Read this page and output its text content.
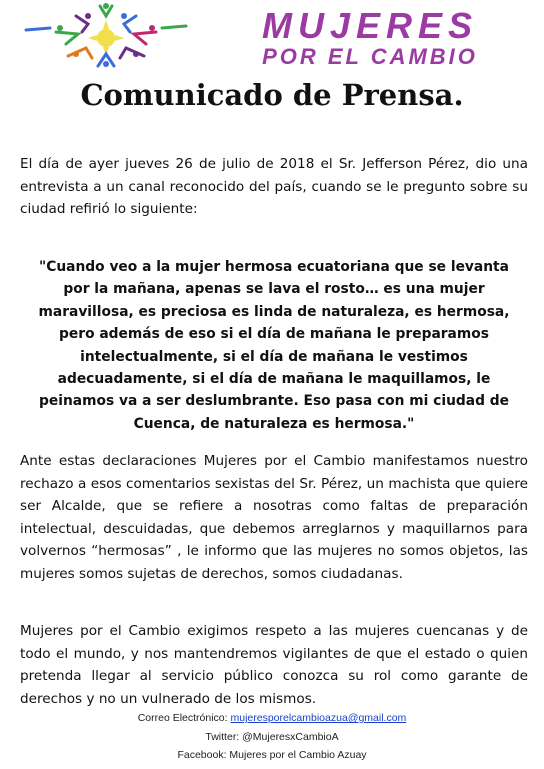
MUJERES
POR EL CAMBIO
Comunicado de Prensa.
El día de ayer jueves 26 de julio de 2018 el Sr. Jefferson Pérez, dio una entrevista a un canal reconocido del país, cuando se le pregunto sobre su ciudad refirió lo siguiente:
"Cuando veo a la mujer hermosa ecuatoriana que se levanta por la mañana, apenas se lava el rosto… es una mujer maravillosa, es preciosa es linda de naturaleza, es hermosa, pero además de eso si el día de mañana le preparamos intelectualmente, si el día de mañana le vestimos adecuadamente, si el día de mañana le maquillamos, le peinamos va a ser deslumbrante. Eso pasa con mi ciudad de Cuenca, de naturaleza es hermosa."
Ante estas declaraciones Mujeres por el Cambio manifestamos nuestro rechazo a esos comentarios sexistas del Sr. Pérez, un machista que quiere ser Alcalde, que se refiere a nosotras como faltas de preparación intelectual, descuidadas, que debemos arreglarnos y maquillarnos para volvernos “hermosas” , le informo que las mujeres no somos objetos, las mujeres somos sujetas de derechos, somos ciudadanas.
Mujeres por el Cambio exigimos respeto a las mujeres cuencanas y de todo el mundo, y nos mantendremos vigilantes de que el estado o quien pretenda llegar al servicio público conozca su rol como garante de derechos y no un vulnerado de los mismos.
Correo Electrónico: mujeresporelcambioazua@gmail.com
Twitter: @MujeresxCambioA
Facebook: Mujeres por el Cambio Azuay
